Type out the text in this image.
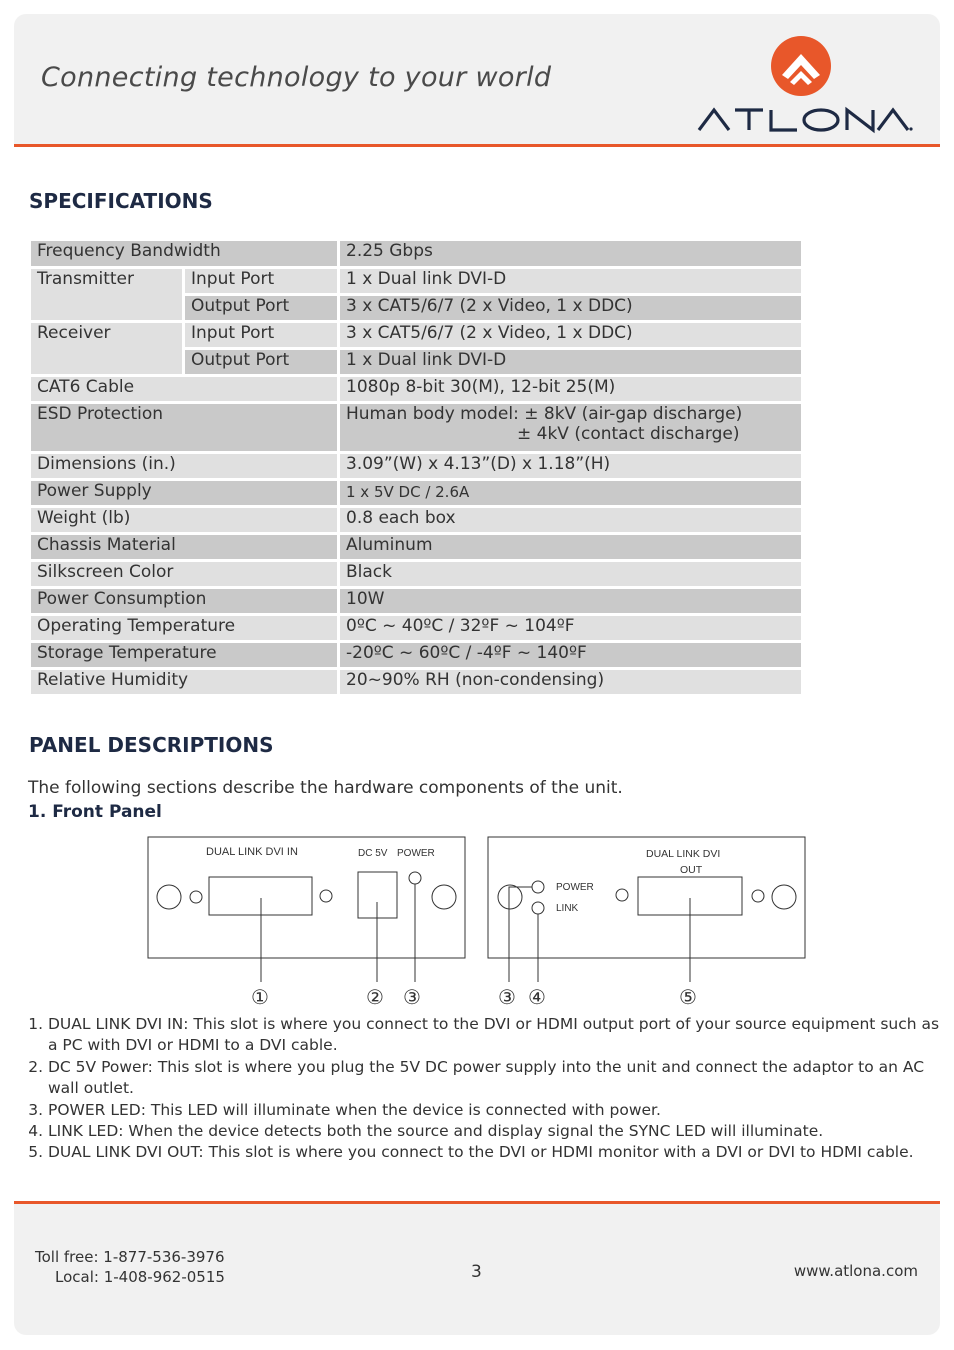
Connecting technology to your world
SPECIFICATIONS
Frequency Bandwidth		2.25 Gbps
Transmitter	Input Port	1 x Dual link DVI-D
	Output Port	3 x CAT5/6/7 (2 x Video, 1 x DDC)
Receiver	Input Port	3 x CAT5/6/7 (2 x Video, 1 x DDC)
	Output Port	1 x Dual link DVI-D
CAT6 Cable		1080p 8-bit 30(M), 12-bit 25(M)
ESD Protection		Human body model: ± 8kV (air-gap discharge)
± 4kV (contact discharge)

Dimensions (in.)		3.09”(W) x 4.13”(D) x 1.18”(H)
Power Supply		1 x 5V DC / 2.6A
Weight (lb)		0.8 each box
Chassis Material		Aluminum
Silkscreen Color		Black
Power Consumption		10W
Operating Temperature		0ºC ~ 40ºC / 32ºF ~ 104ºF
Storage Temperature		-20ºC ~ 60ºC / -4ºF ~ 140ºF
Relative Humidity		20~90% RH (non-condensing)
PANEL DESCRIPTIONS
The following sections describe the hardware components of the unit.
1. Front Panel
DUAL LINK DVI IN	DC 5V POWER
POWER
LINK
DUAL LINK DVI
OUT
①	② ③	③ ④	⑤
1. DUAL LINK DVI IN: This slot is where you connect to the DVI or HDMI output port of your source equipment such as a PC with DVI or HDMI to a DVI cable.
2. DC 5V Power: This slot is where you plug the 5V DC power supply into the unit and connect the adaptor to an AC wall outlet.
3. POWER LED: This LED will illuminate when the device is connected with power.
4. LINK LED: When the device detects both the source and display signal the SYNC LED will illuminate.
5. DUAL LINK DVI OUT: This slot is where you connect to the DVI or HDMI monitor with a DVI or DVI to HDMI cable.
Toll free: 1-877-536-3976
Local: 1-408-962-0515	3	www.atlona.com
